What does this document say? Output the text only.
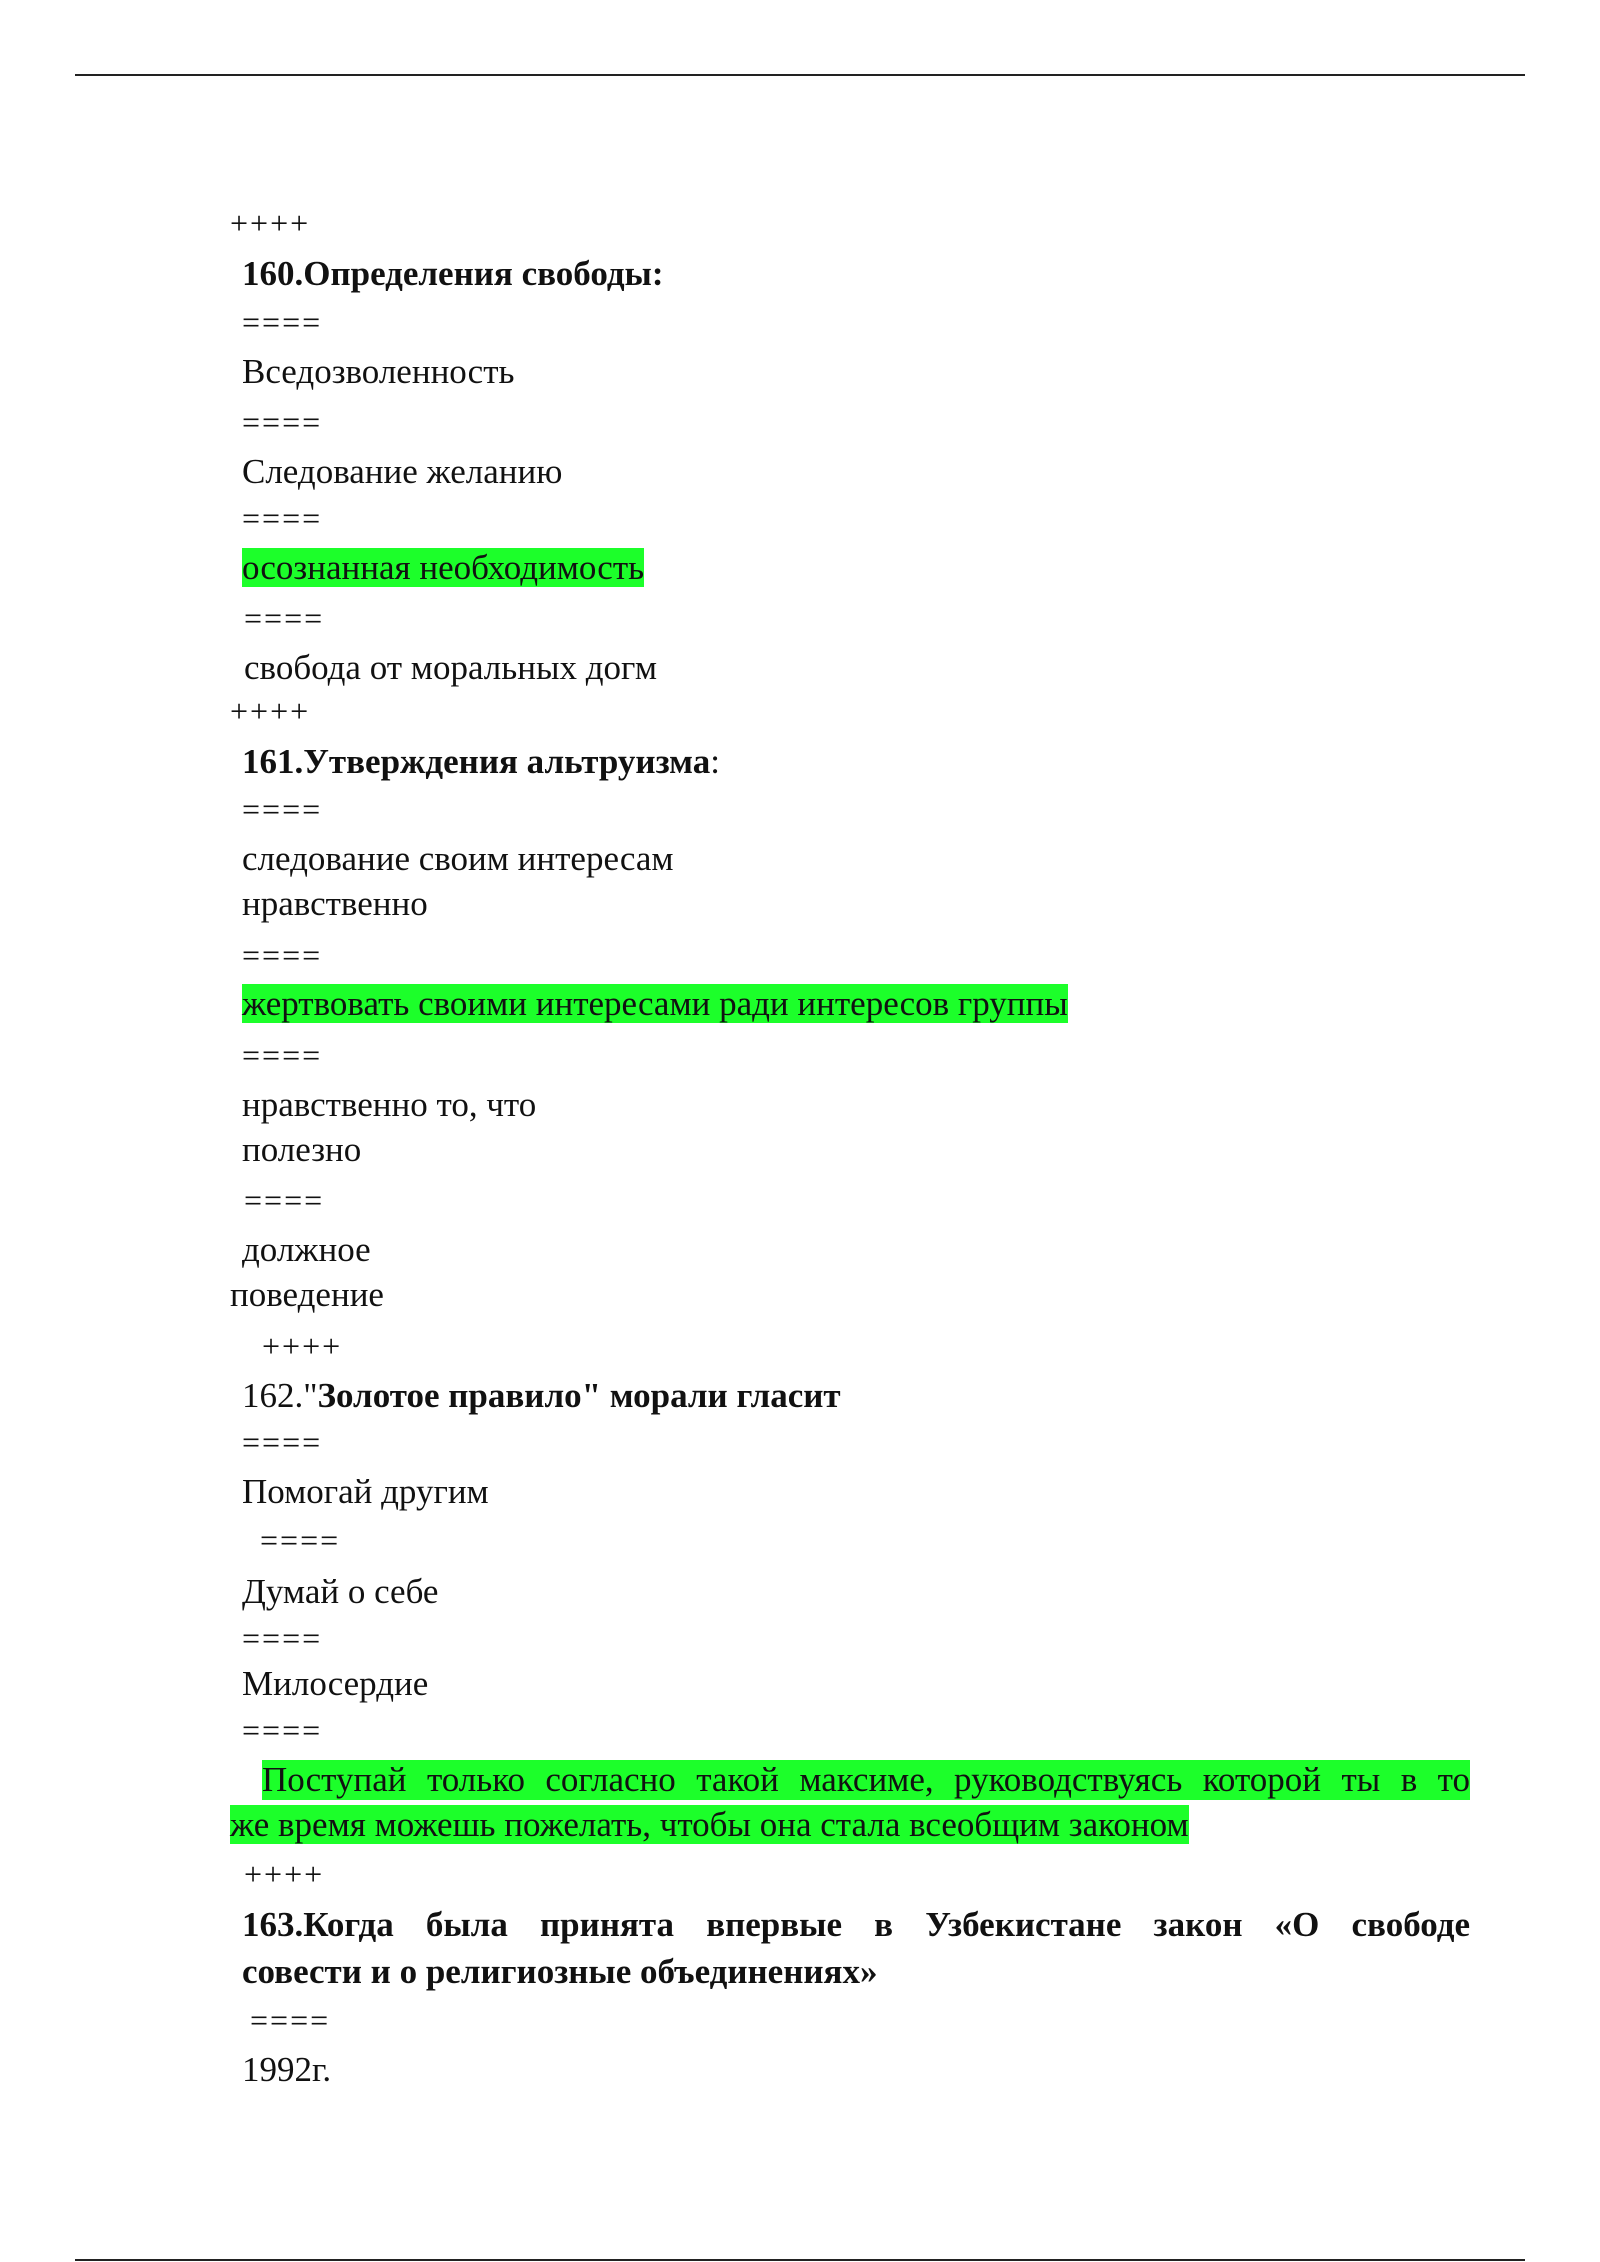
++++
160.Определения свободы:
====
Вседозволенность
====
Следование желанию
====
осознанная необходимость
====
свобода от моральных догм
++++
161.Утверждения альтруизма:
====
следование своим интересам
нравственно
====
жертвовать своими интересами ради интересов группы
====
нравственно то, что
полезно
====
должное
поведение
++++
162."Золотое правило" морали гласит
====
Помогай другим
====
Думай о себе
====
Милосердие
====
Поступай только согласно такой максиме, руководствуясь которой ты в то
же время можешь пожелать, чтобы она стала всеобщим законом
++++
163.Когда была принята впервые в Узбекистане закон «О свободе
совести и о религиозные объединениях»
====
1992г.
